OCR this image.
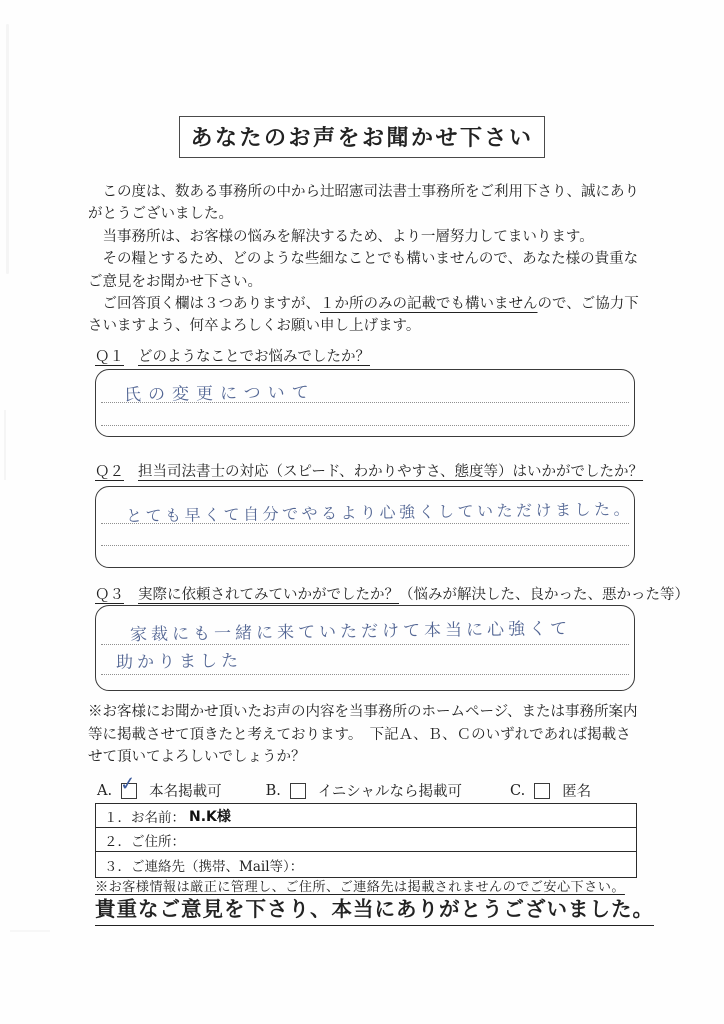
あなたのお声をお聞かせ下さい

この度は、数ある事務所の中から辻昭憲司法書士事務所をご利用下さり、誠にありがとうございました。

当事務所は、お客様の悩みを解決するため、より一層努力してまいります。

その糧とするため、どのような些細なことでも構いませんので、あなた様の貴重なご意見をお聞かせ下さい。

ご回答頂く欄は３つありますが、１か所のみの記載でも構いませんので、ご協力下さいますよう、何卒よろしくお願い申し上げます。

Ｑ１ どのようなことでお悩みでしたか？
氏の変更について
Ｑ２ 担当司法書士の対応（スピード、わかりやすさ、態度等）はいかがでしたか？
とても早くて自分でやるより心強くしていただけました。
Ｑ３ 実際に依頼されてみていかがでしたか？（悩みが解決した、良かった、悪かった等）
家裁にも一緒に来ていただけて本当に心強くて
助かりました

※お客様にお聞かせ頂いたお声の内容を当事務所のホームページ、または事務所案内等に掲載させて頂きたと考えております。　 下記Ａ、Ｂ、Ｃのいずれであれば掲載させて頂いてよろしいでしょうか？

A. ✓ 本名掲載可	B.	イニシャルなら掲載可	C.	匿名
１．お名前： N.K様
２．ご住所：
３．ご連絡先（携帯、Mail等）：
※お客様情報は厳正に管理し、ご住所、ご連絡先は掲載されませんのでご安心下さい。
貴重なご意見を下さり、本当にありがとうございました。
